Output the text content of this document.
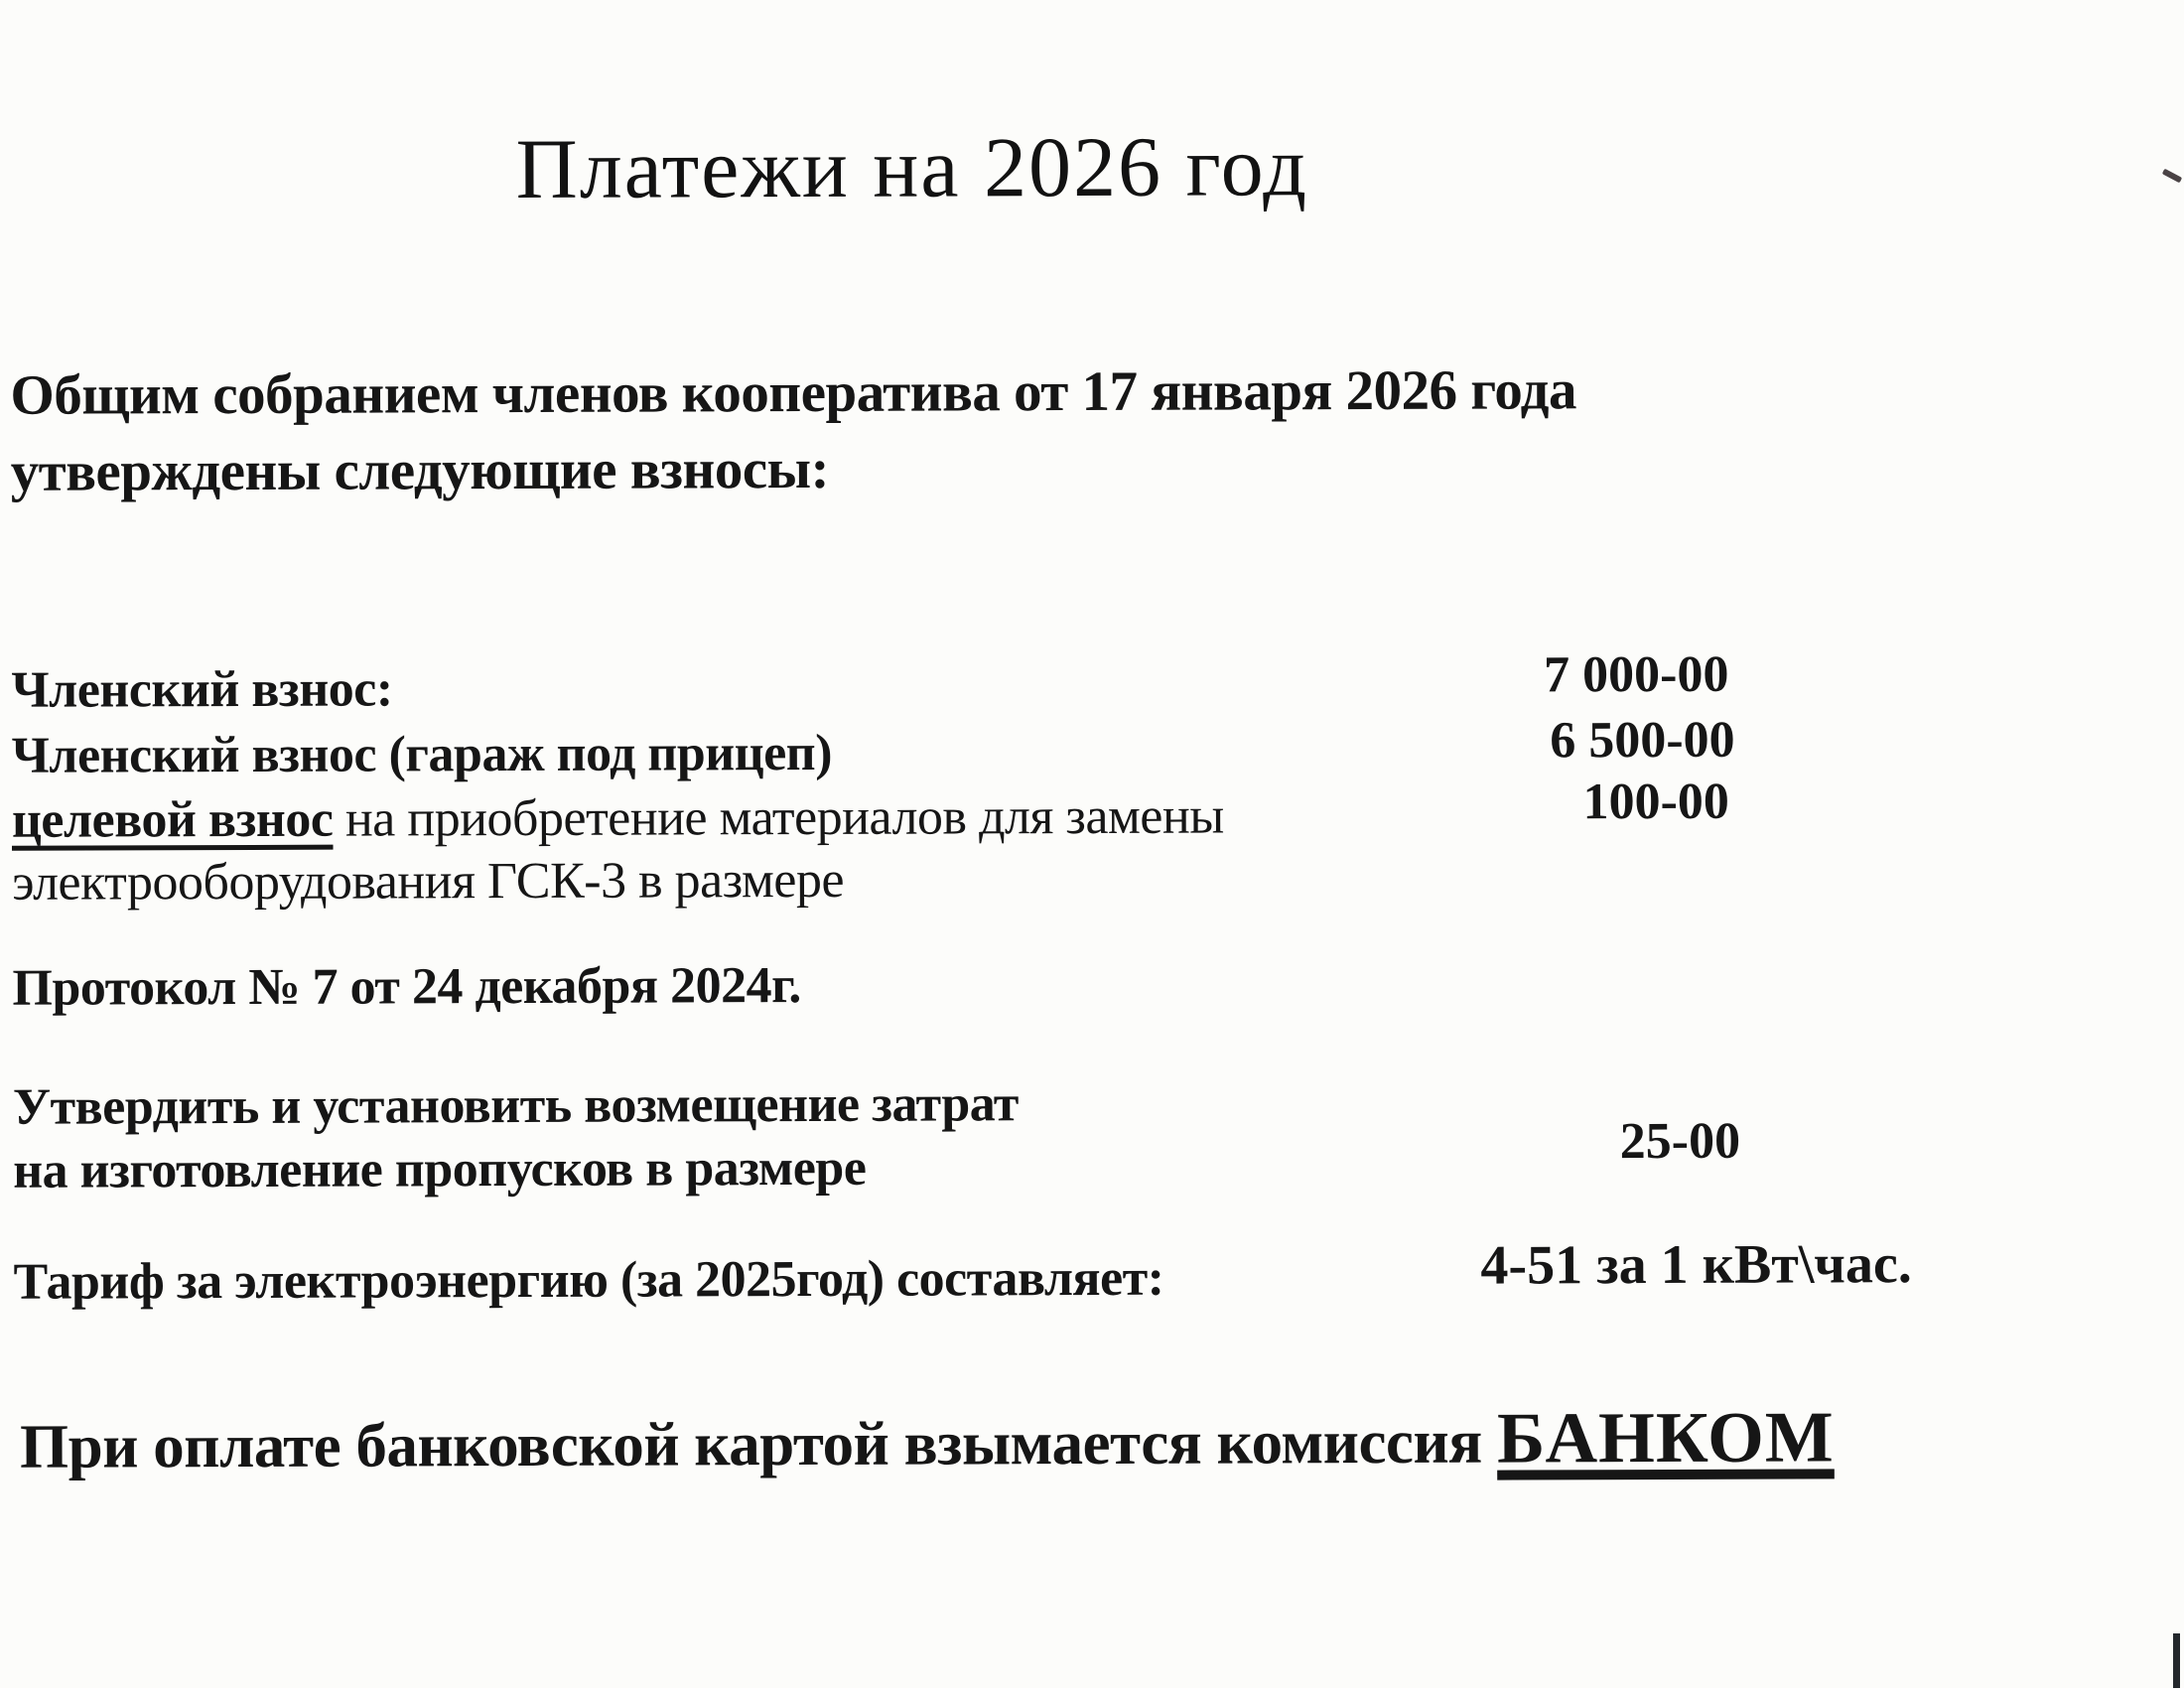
Платежи на 2026 год
Общим собранием членов кооператива от 17 января 2026 года
утверждены следующие взносы:
Членский взнос:	7 000-00
Членский взнос (гараж под прицеп)	6 500-00
целевой взнос на приобретение материалов для замены	100-00
электрооборудования ГСК-3 в размере
Протокол № 7 от 24 декабря 2024г.
Утвердить и установить возмещение затрат
на изготовление пропусков в размере	25-00
Тариф за электроэнергию (за 2025год) составляет:	4-51 за 1 кВт\час.
При оплате банковской картой взымается комиссия БАНКОМ
